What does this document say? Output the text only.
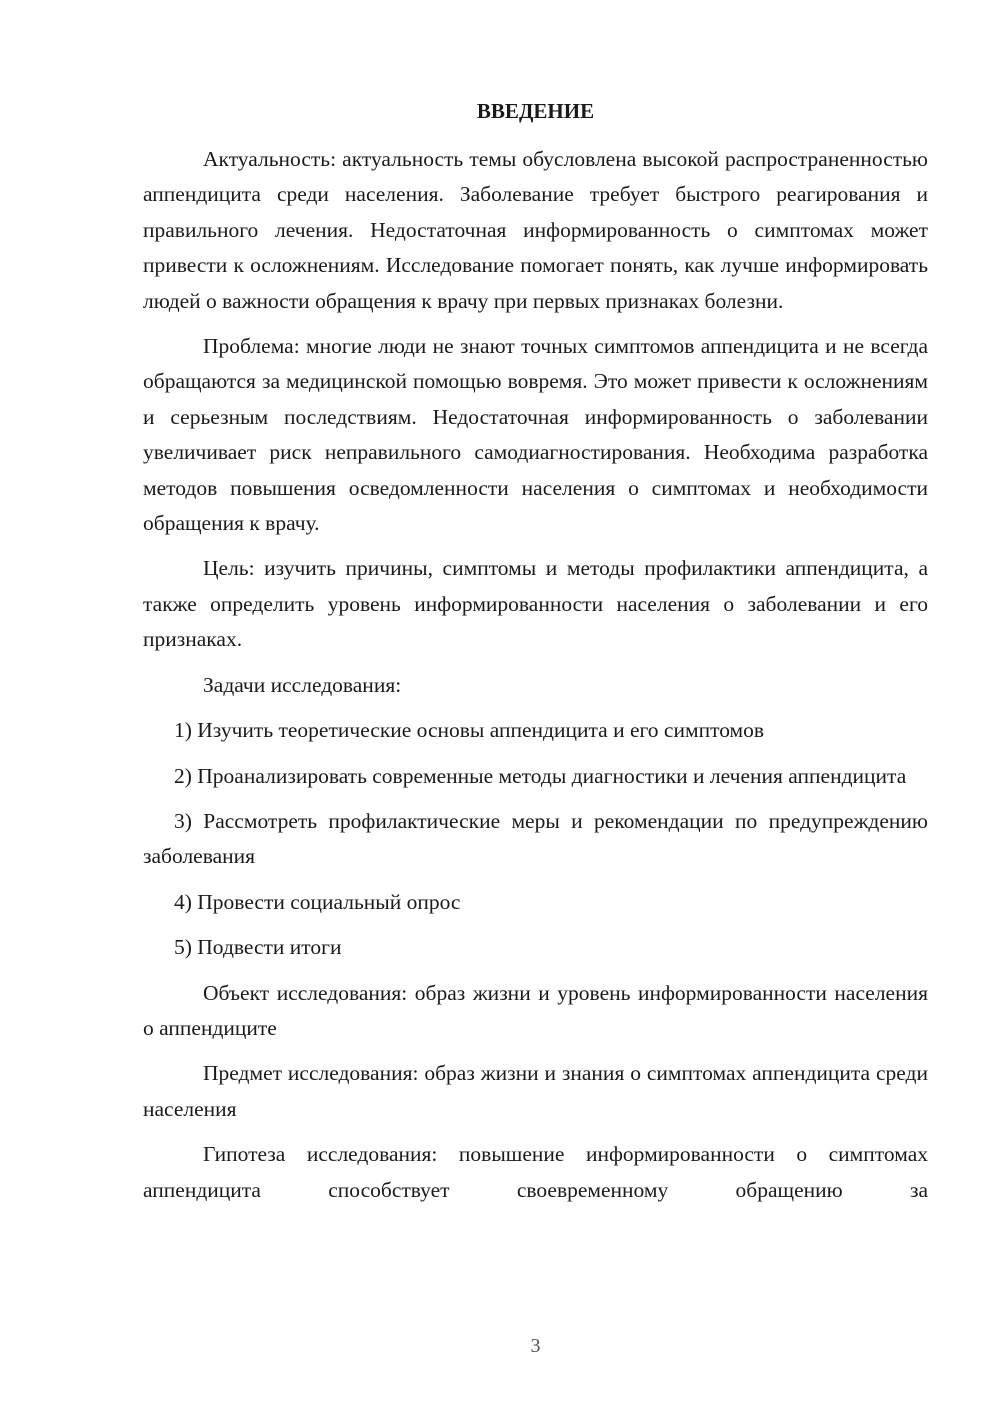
ВВЕДЕНИЕ

Актуальность: актуальность темы обусловлена высокой распространенностью аппендицита среди населения. Заболевание требует быстрого реагирования и правильного лечения. Недостаточная информированность о симптомах может привести к осложнениям. Исследование помогает понять, как лучше информировать людей о важности обращения к врачу при первых признаках болезни.

Проблема: многие люди не знают точных симптомов аппендицита и не всегда обращаются за медицинской помощью вовремя. Это может привести к осложнениям и серьезным последствиям. Недостаточная информированность о заболевании увеличивает риск неправильного самодиагностирования. Необходима разработка методов повышения осведомленности населения о симптомах и необходимости обращения к врачу.

Цель: изучить причины, симптомы и методы профилактики аппендицита, а также определить уровень информированности населения о заболевании и его признаках.

Задачи исследования:

1) Изучить теоретические основы аппендицита и его симптомов

2) Проанализировать современные методы диагностики и лечения аппендицита

3) Рассмотреть профилактические меры и рекомендации по предупреждению заболевания

4) Провести социальный опрос

5) Подвести итоги

Объект исследования: образ жизни и уровень информированности населения о аппендиците

Предмет исследования: образ жизни и знания о симптомах аппендицита среди населения

Гипотеза исследования: повышение информированности о симптомах аппендицита способствует своевременному обращению за

3
